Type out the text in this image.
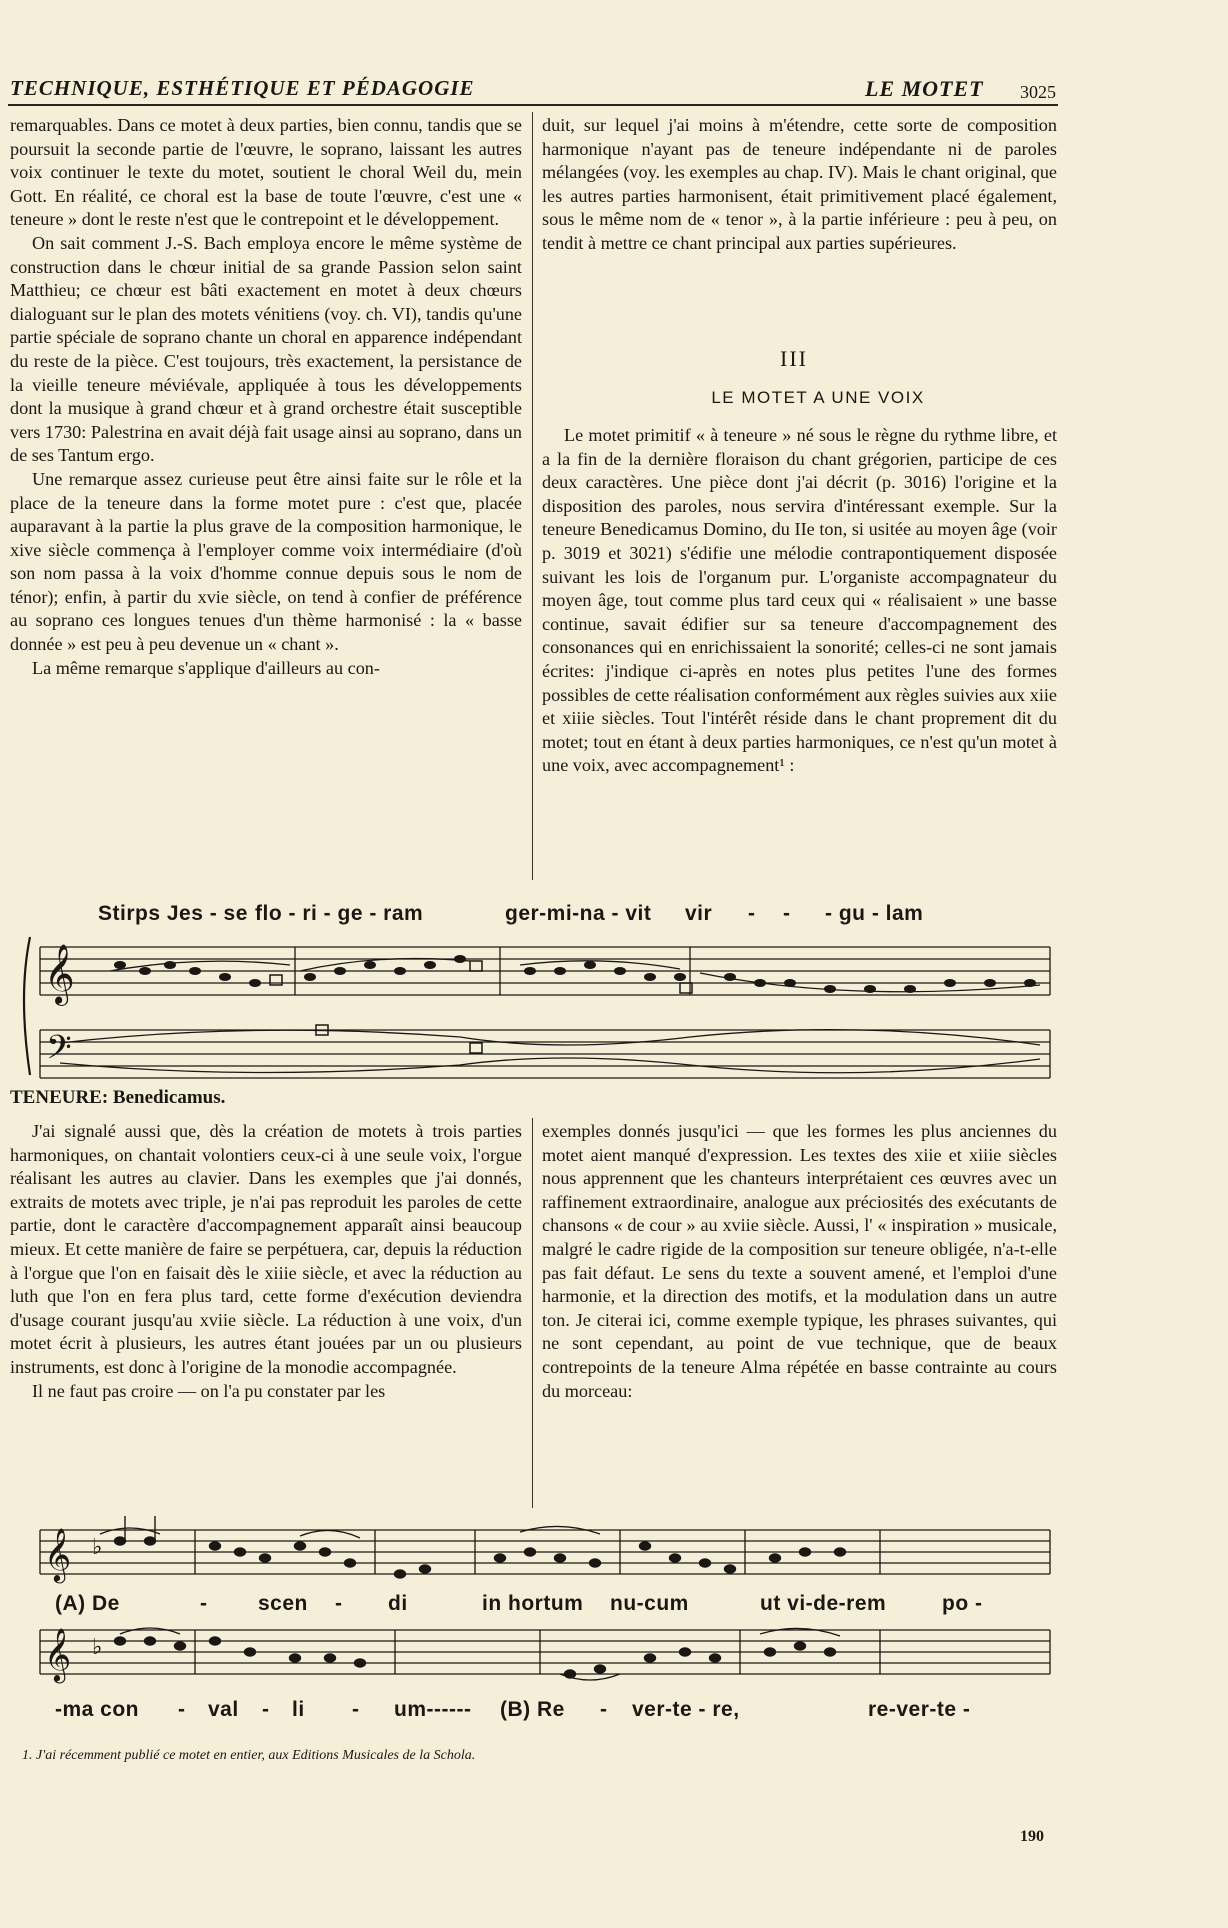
TECHNIQUE, ESTHÉTIQUE ET PÉDAGOGIE	LE MOTET 3025

remarquables. Dans ce motet à deux parties, bien connu, tandis que se poursuit la seconde partie de l'œuvre, le soprano, laissant les autres voix continuer le texte du motet, soutient le choral Weil du, mein Gott. En réalité, ce choral est la base de toute l'œuvre, c'est une « teneure » dont le reste n'est que le contrepoint et le développement.

On sait comment J.-S. Bach employa encore le même système de construction dans le chœur initial de sa grande Passion selon saint Matthieu; ce chœur est bâti exactement en motet à deux chœurs dialoguant sur le plan des motets vénitiens (voy. ch. VI), tandis qu'une partie spéciale de soprano chante un choral en apparence indépendant du reste de la pièce. C'est toujours, très exactement, la persistance de la vieille teneure méviévale, appliquée à tous les développements dont la musique à grand chœur et à grand orchestre était susceptible vers 1730: Palestrina en avait déjà fait usage ainsi au soprano, dans un de ses Tantum ergo.

Une remarque assez curieuse peut être ainsi faite sur le rôle et la place de la teneure dans la forme motet pure : c'est que, placée auparavant à la partie la plus grave de la composition harmonique, le xive siècle commença à l'employer comme voix intermédiaire (d'où son nom passa à la voix d'homme connue depuis sous le nom de ténor); enfin, à partir du xvie siècle, on tend à confier de préférence au soprano ces longues tenues d'un thème harmonisé : la « basse donnée » est peu à peu devenue un « chant ».

La même remarque s'applique d'ailleurs au con-

duit, sur lequel j'ai moins à m'étendre, cette sorte de composition harmonique n'ayant pas de teneure indépendante ni de paroles mélangées (voy. les exemples au chap. IV). Mais le chant original, que les autres parties harmonisent, était primitivement placé également, sous le même nom de « tenor », à la partie inférieure : peu à peu, on tendit à mettre ce chant principal aux parties supérieures.

III
LE MOTET A UNE VOIX

Le motet primitif « à teneure » né sous le règne du rythme libre, et a la fin de la dernière floraison du chant grégorien, participe de ces deux caractères. Une pièce dont j'ai décrit (p. 3016) l'origine et la disposition des paroles, nous servira d'intéressant exemple. Sur la teneure Benedicamus Domino, du IIe ton, si usitée au moyen âge (voir p. 3019 et 3021) s'édifie une mélodie contrapontiquement disposée suivant les lois de l'organum pur. L'organiste accompagnateur du moyen âge, tout comme plus tard ceux qui « réalisaient » une basse continue, savait édifier sur sa teneure d'accompagnement des consonances qui en enrichissaient la sonorité; celles-ci ne sont jamais écrites: j'indique ci-après en notes plus petites l'une des formes possibles de cette réalisation conformément aux règles suivies aux xiie et xiiie siècles. Tout l'intérêt réside dans le chant proprement dit du motet; tout en étant à deux parties harmoniques, ce n'est qu'un motet à une voix, avec accompagnement¹ :

Stirps Jes - se flo - ri - ge - ram	ger-mi-na - vit vir - - - gu - lam
𝄞
𝄢
TENEURE: Benedicamus.

J'ai signalé aussi que, dès la création de motets à trois parties harmoniques, on chantait volontiers ceux-ci à une seule voix, l'orgue réalisant les autres au clavier. Dans les exemples que j'ai donnés, extraits de motets avec triple, je n'ai pas reproduit les paroles de cette partie, dont le caractère d'accompagnement apparaît ainsi beaucoup mieux. Et cette manière de faire se perpétuera, car, depuis la réduction à l'orgue que l'on en faisait dès le xiiie siècle, et avec la réduction au luth que l'on en fera plus tard, cette forme d'exécution deviendra d'usage courant jusqu'au xviie siècle. La réduction à une voix, d'un motet écrit à plusieurs, les autres étant jouées par un ou plusieurs instruments, est donc à l'origine de la monodie accompagnée.

Il ne faut pas croire — on l'a pu constater par les

exemples donnés jusqu'ici — que les formes les plus anciennes du motet aient manqué d'expression. Les textes des xiie et xiiie siècles nous apprennent que les chanteurs interprétaient ces œuvres avec un raffinement extraordinaire, analogue aux préciosités des exécutants de chansons « de cour » au xviie siècle. Aussi, l' « inspiration » musicale, malgré le cadre rigide de la composition sur teneure obligée, n'a-t-elle pas fait défaut. Le sens du texte a souvent amené, et l'emploi d'une harmonie, et la direction des motifs, et la modulation dans un autre ton. Je citerai ici, comme exemple typique, les phrases suivantes, qui ne sont cependant, au point de vue technique, que de beaux contrepoints de la teneure Alma répétée en basse contrainte au cours du morceau:

𝄞
𝄞
♭
♭
(A) De	- scen - di	in hortum nu-cum	ut vi-de-rem	po -
-ma con - val - li - um------ (B) Re - ver-te - re,	re-ver-te -
1. J'ai récemment publié ce motet en entier, aux Editions Musicales de la Schola.
190
